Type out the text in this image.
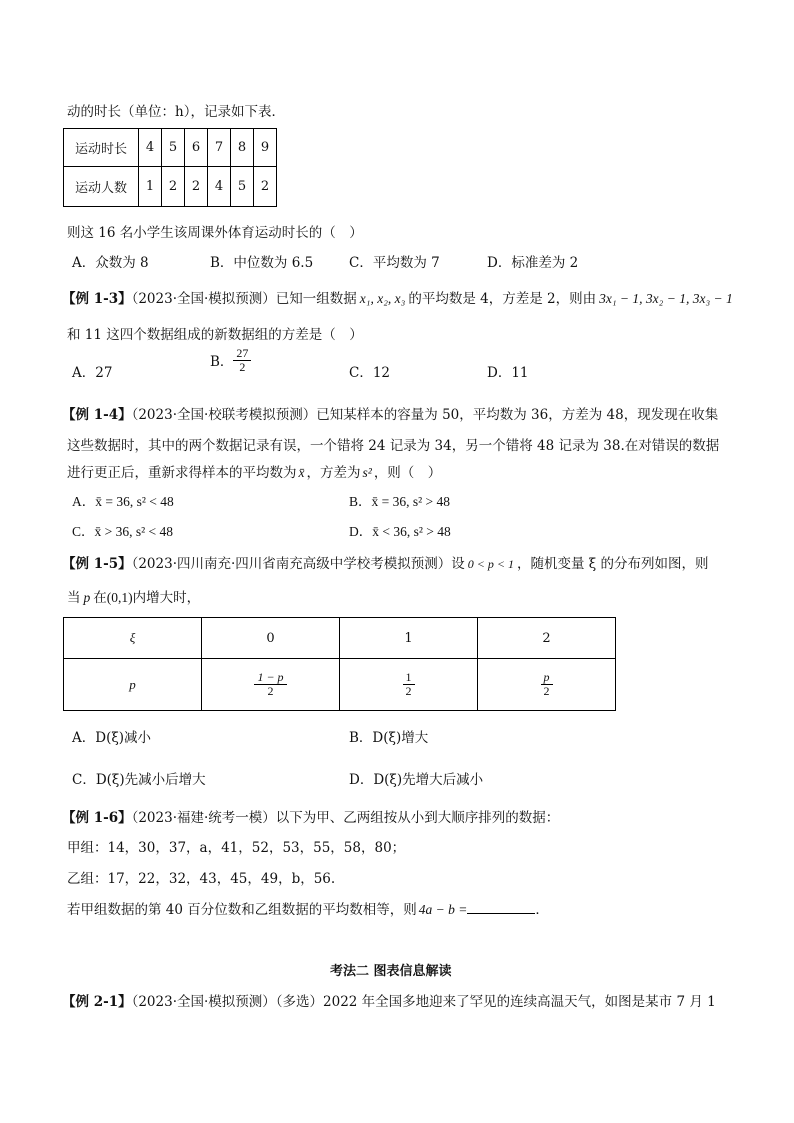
动的时长（单位：h），记录如下表．
运动时长	4	5	6	7	8	9
运动人数	1	2	2	4	5	2
则这 16 名小学生该周课外体育运动时长的（　）
A．众数为 8	B．中位数为 6.5	C．平均数为 7	D．标准差为 2
【例 1-3】（2023·全国·模拟预测）已知一组数据 x₁, x₂, x₃ 的平均数是 4，方差是 2，则由 3x₁ − 1, 3x₂ − 1, 3x₃ − 1
和 11 这四个数据组成的新数据组的方差是（　）
A．27
B． $\frac{27}{2}$	C．12	D．11
【例 1-4】（2023·全国·校联考模拟预测）已知某样本的容量为 50，平均数为 36，方差为 48，现发现在收集
这些数据时，其中的两个数据记录有误，一个错将 24 记录为 34，另一个错将 48 记录为 38.在对错误的数据
进行更正后，重新求得样本的平均数为 x̄ ，方差为 s² ，则（　）
A．x̄ = 36, s² < 48	B．x̄ = 36, s² > 48
C．x̄ > 36, s² < 48	D．x̄ < 36, s² > 48
【例 1-5】（2023·四川南充·四川省南充高级中学校考模拟预测）设 0 < p < 1 ，随机变量 ξ 的分布列如图，则
当 p 在(0,1)内增大时，
ξ	0	1	2
p	$\frac{1 - p}{2}$	$\frac{1}{2}$	$\frac{p}{2}$
A．D(ξ)减小	B．D(ξ)增大
C．D(ξ)先减小后增大	D．D(ξ)先增大后减小
【例 1-6】（2023·福建·统考一模）以下为甲、乙两组按从小到大顺序排列的数据：
甲组：14，30，37，a，41，52，53，55，58，80；
乙组：17，22，32，43，45，49，b，56.
若甲组数据的第 40 百分位数和乙组数据的平均数相等，则 4a − b =	．
考法二 图表信息解读
【例 2-1】（2023·全国·模拟预测）（多选）2022 年全国多地迎来了罕见的连续高温天气，如图是某市 7 月 1
